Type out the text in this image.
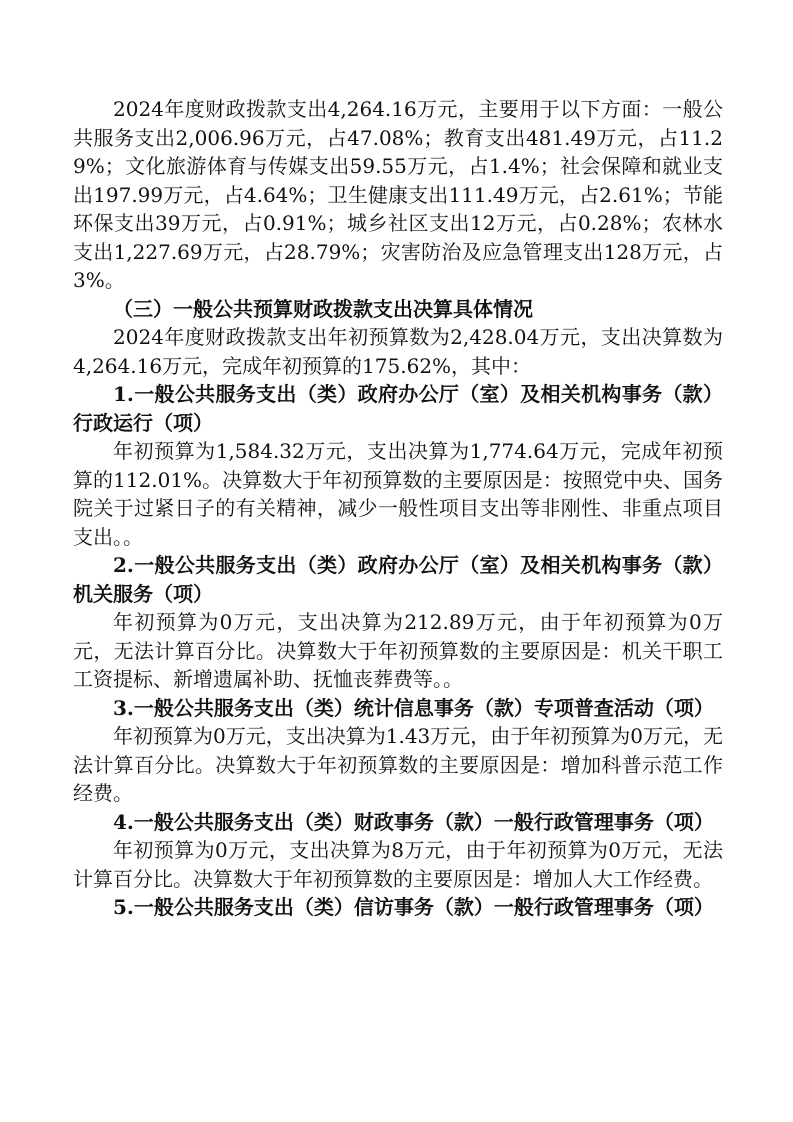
2024年度财政拨款支出4,264.16万元，主要用于以下方面：一般公共服务支出2,006.96万元，占47.08%；教育支出481.49万元，占11.29%；文化旅游体育与传媒支出59.55万元，占1.4%；社会保障和就业支出197.99万元，占4.64%；卫生健康支出111.49万元，占2.61%；节能环保支出39万元，占0.91%；城乡社区支出12万元，占0.28%；农林水支出1,227.69万元，占28.79%；灾害防治及应急管理支出128万元，占3%。

（三）一般公共预算财政拨款支出决算具体情况

2024年度财政拨款支出年初预算数为2,428.04万元，支出决算数为4,264.16万元，完成年初预算的175.62%，其中：

1.一般公共服务支出（类）政府办公厅（室）及相关机构事务（款）行政运行（项）

年初预算为1,584.32万元，支出决算为1,774.64万元，完成年初预算的112.01%。决算数大于年初预算数的主要原因是：按照党中央、国务院关于过紧日子的有关精神，减少一般性项目支出等非刚性、非重点项目支出。。

2.一般公共服务支出（类）政府办公厅（室）及相关机构事务（款）机关服务（项）

年初预算为0万元，支出决算为212.89万元，由于年初预算为0万元，无法计算百分比。决算数大于年初预算数的主要原因是：机关干职工工资提标、新增遗属补助、抚恤丧葬费等。。

3.一般公共服务支出（类）统计信息事务（款）专项普查活动（项）

年初预算为0万元，支出决算为1.43万元，由于年初预算为0万元，无法计算百分比。决算数大于年初预算数的主要原因是：增加科普示范工作经费。

4.一般公共服务支出（类）财政事务（款）一般行政管理事务（项）

年初预算为0万元，支出决算为8万元，由于年初预算为0万元，无法计算百分比。决算数大于年初预算数的主要原因是：增加人大工作经费。

5.一般公共服务支出（类）信访事务（款）一般行政管理事务（项）
